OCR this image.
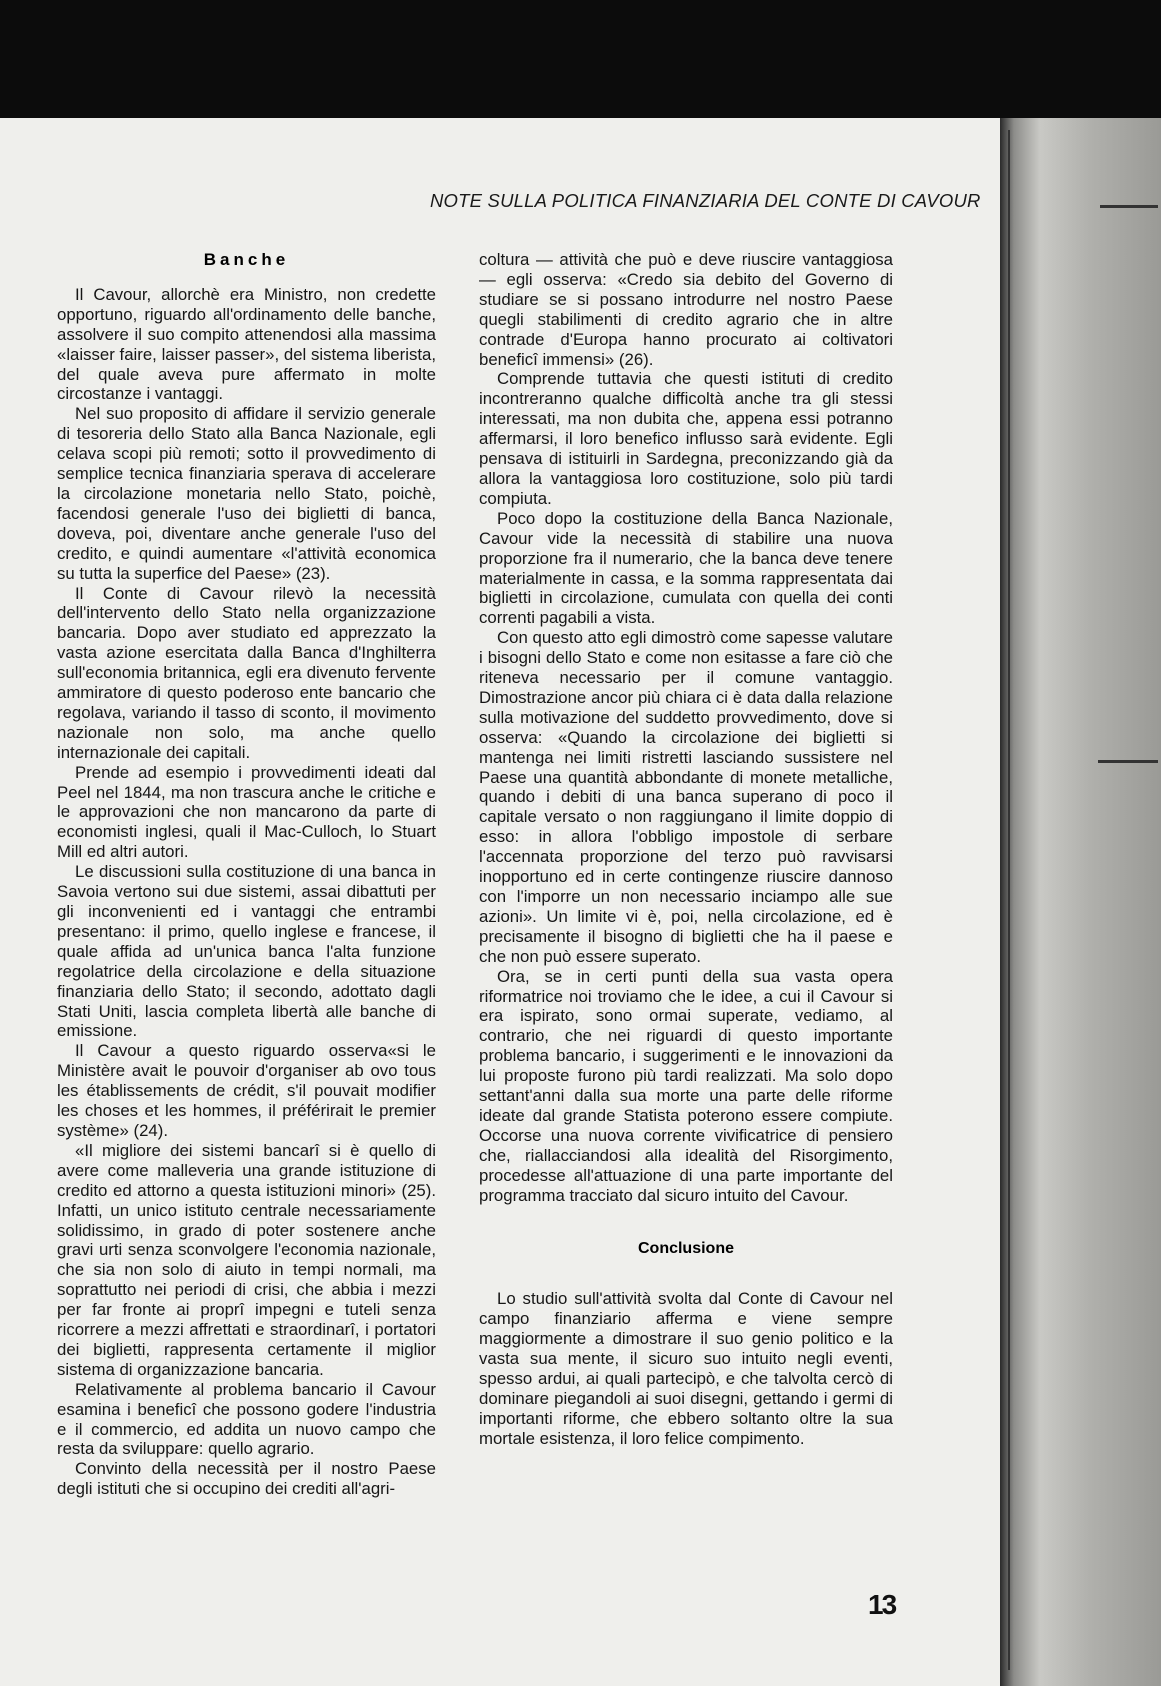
NOTE SULLA POLITICA FINANZIARIA DEL CONTE DI CAVOUR
Banche

Il Cavour, allorchè era Ministro, non credette opportuno, riguardo all'ordinamento delle banche, assolvere il suo compito attenendosi alla massima «laisser faire, laisser passer», del sistema liberista, del quale aveva pure affermato in molte circostanze i vantaggi.

Nel suo proposito di affidare il servizio generale di tesoreria dello Stato alla Banca Nazionale, egli celava scopi più remoti; sotto il provvedimento di semplice tecnica finanziaria sperava di accelerare la circolazione monetaria nello Stato, poichè, facendosi generale l'uso dei biglietti di banca, doveva, poi, diventare anche generale l'uso del credito, e quindi aumentare «l'attività economica su tutta la superfice del Paese» (23).

Il Conte di Cavour rilevò la necessità dell'intervento dello Stato nella organizzazione bancaria. Dopo aver studiato ed apprezzato la vasta azione esercitata dalla Banca d'Inghilterra sull'economia britannica, egli era divenuto fervente ammiratore di questo poderoso ente bancario che regolava, variando il tasso di sconto, il movimento nazionale non solo, ma anche quello internazionale dei capitali.

Prende ad esempio i provvedimenti ideati dal Peel nel 1844, ma non trascura anche le critiche e le approvazioni che non mancarono da parte di economisti inglesi, quali il Mac-Culloch, lo Stuart Mill ed altri autori.

Le discussioni sulla costituzione di una banca in Savoia vertono sui due sistemi, assai dibattuti per gli inconvenienti ed i vantaggi che entrambi presentano: il primo, quello inglese e francese, il quale affida ad un'unica banca l'alta funzione regolatrice della circolazione e della situazione finanziaria dello Stato; il secondo, adottato dagli Stati Uniti, lascia completa libertà alle banche di emissione.

Il Cavour a questo riguardo osserva«si le Ministère avait le pouvoir d'organiser ab ovo tous les établissements de crédit, s'il pouvait modifier les choses et les hommes, il préférirait le premier système» (24).

«Il migliore dei sistemi bancarî si è quello di avere come malleveria una grande istituzione di credito ed attorno a questa istituzioni minori» (25). Infatti, un unico istituto centrale necessariamente solidissimo, in grado di poter sostenere anche gravi urti senza sconvolgere l'economia nazionale, che sia non solo di aiuto in tempi normali, ma soprattutto nei periodi di crisi, che abbia i mezzi per far fronte ai proprî impegni e tuteli senza ricorrere a mezzi affrettati e straordinarî, i portatori dei biglietti, rappresenta certamente il miglior sistema di organizzazione bancaria.

Relativamente al problema bancario il Cavour esamina i beneficî che possono godere l'industria e il commercio, ed addita un nuovo campo che resta da sviluppare: quello agrario.

Convinto della necessità per il nostro Paese degli istituti che si occupino dei crediti all'agri-

coltura — attività che può e deve riuscire vantaggiosa — egli osserva: «Credo sia debito del Governo di studiare se si possano introdurre nel nostro Paese quegli stabilimenti di credito agrario che in altre contrade d'Europa hanno procurato ai coltivatori beneficî immensi» (26).

Comprende tuttavia che questi istituti di credito incontreranno qualche difficoltà anche tra gli stessi interessati, ma non dubita che, appena essi potranno affermarsi, il loro benefico influsso sarà evidente. Egli pensava di istituirli in Sardegna, preconizzando già da allora la vantaggiosa loro costituzione, solo più tardi compiuta.

Poco dopo la costituzione della Banca Nazionale, Cavour vide la necessità di stabilire una nuova proporzione fra il numerario, che la banca deve tenere materialmente in cassa, e la somma rappresentata dai biglietti in circolazione, cumulata con quella dei conti correnti pagabili a vista.

Con questo atto egli dimostrò come sapesse valutare i bisogni dello Stato e come non esitasse a fare ciò che riteneva necessario per il comune vantaggio. Dimostrazione ancor più chiara ci è data dalla relazione sulla motivazione del suddetto provvedimento, dove si osserva: «Quando la circolazione dei biglietti si mantenga nei limiti ristretti lasciando sussistere nel Paese una quantità abbondante di monete metalliche, quando i debiti di una banca superano di poco il capitale versato o non raggiungano il limite doppio di esso: in allora l'obbligo impostole di serbare l'accennata proporzione del terzo può ravvisarsi inopportuno ed in certe contingenze riuscire dannoso con l'imporre un non necessario inciampo alle sue azioni». Un limite vi è, poi, nella circolazione, ed è precisamente il bisogno di biglietti che ha il paese e che non può essere superato.

Ora, se in certi punti della sua vasta opera riformatrice noi troviamo che le idee, a cui il Cavour si era ispirato, sono ormai superate, vediamo, al contrario, che nei riguardi di questo importante problema bancario, i suggerimenti e le innovazioni da lui proposte furono più tardi realizzati. Ma solo dopo settant'anni dalla sua morte una parte delle riforme ideate dal grande Statista poterono essere compiute. Occorse una nuova corrente vivificatrice di pensiero che, riallacciandosi alla idealità del Risorgimento, procedesse all'attuazione di una parte importante del programma tracciato dal sicuro intuito del Cavour.

Conclusione

Lo studio sull'attività svolta dal Conte di Cavour nel campo finanziario afferma e viene sempre maggiormente a dimostrare il suo genio politico e la vasta sua mente, il sicuro suo intuito negli eventi, spesso ardui, ai quali partecipò, e che talvolta cercò di dominare piegandoli ai suoi disegni, gettando i germi di importanti riforme, che ebbero soltanto oltre la sua mortale esistenza, il loro felice compimento.

13
